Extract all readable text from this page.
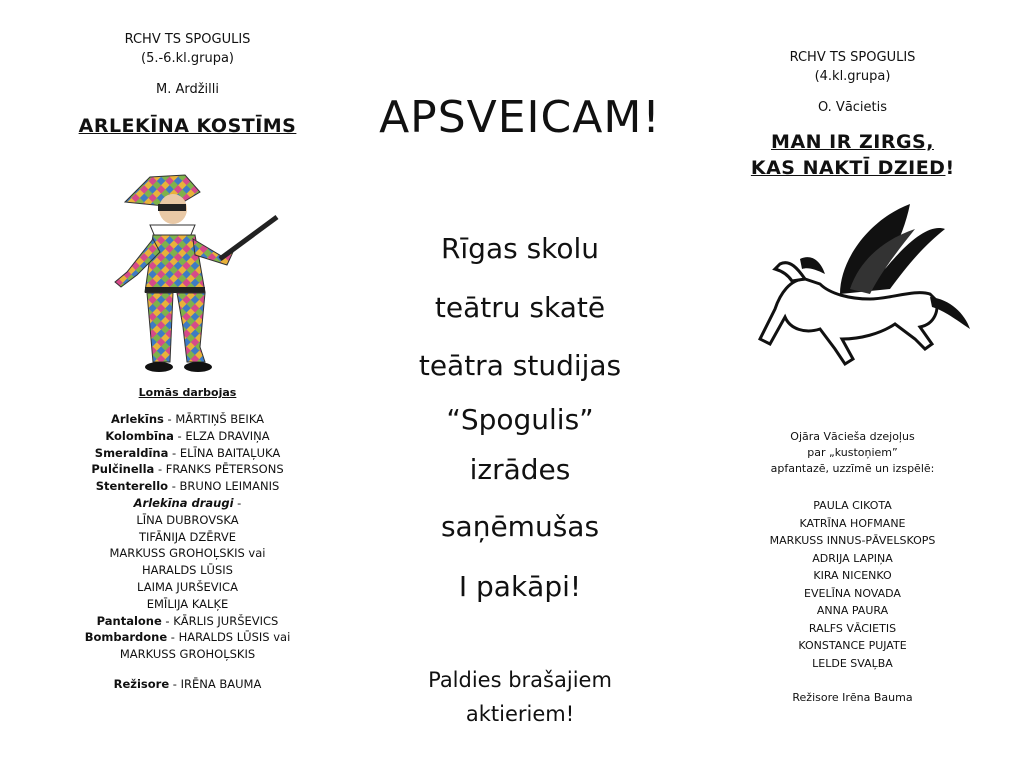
RCHV TS SPOGULIS
(5.-6.kl.grupa)
M. Ardžilli
ARLEKĪNA KOSTĪMS
Lomās darbojas
Arlekīns - MĀRTIŅŠ BEIKA
Kolombīna - ELZA DRAVIŅA
Smeraldīna - ELĪNA BAITAĻUKA
Pulčinella - FRANKS PĒTERSONS
Stenterello - BRUNO LEIMANIS
Arlekīna draugi -
LĪNA DUBROVSKA
TIFĀNIJA DZĒRVE
MARKUSS GROHOĻSKIS vai
HARALDS LŪSIS
LAIMA JURŠEVICA
EMĪLIJA KALĶE
Pantalone - KĀRLIS JURŠEVICS
Bombardone - HARALDS LŪSIS vai
MARKUSS GROHOĻSKIS
Režisore - IRĒNA BAUMA
APSVEICAM!
Rīgas skolu
teātru skatē
teātra studijas
“Spogulis”
izrādes
saņēmušas
I pakāpi!
Paldies brašajiem
aktieriem!
RCHV TS SPOGULIS
(4.kl.grupa)
O. Vācietis
MAN IR ZIRGS,
KAS NAKTĪ DZIED!
Ojāra Vācieša dzejoļus
par „kustoņiem”
apfantazē, uzzīmē un izspēlē:
PAULA CIKOTA
KATRĪNA HOFMANE
MARKUSS INNUS-PĀVELSKOPS
ADRIJA LAPIŅA
KIRA NICENKO
EVELĪNA NOVADA
ANNA PAURA
RALFS VĀCIETIS
KONSTANCE PUJATE
LELDE SVAĻBA
Režisore Irēna Bauma
